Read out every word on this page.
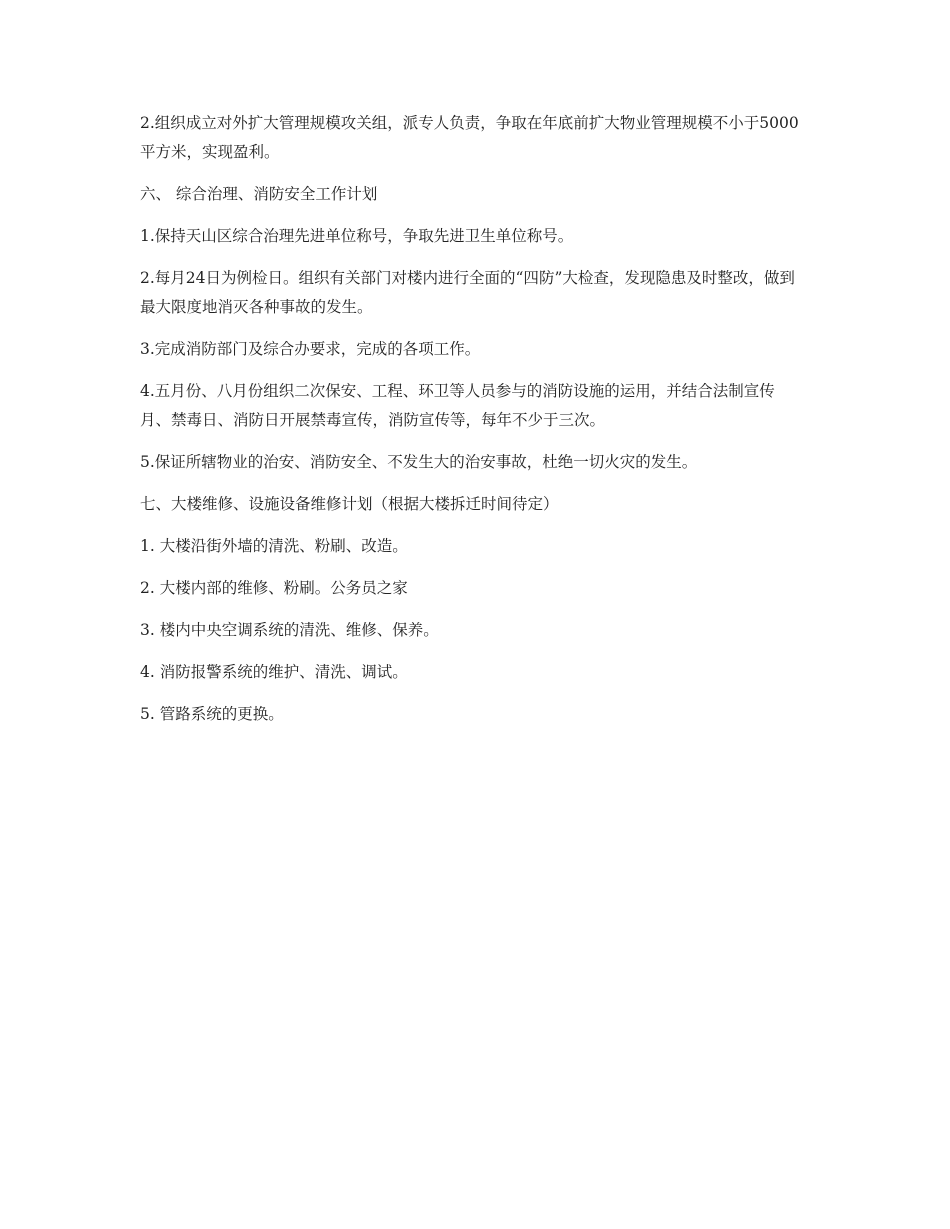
2.组织成立对外扩大管理规模攻关组，派专人负责，争取在年底前扩大物业管理规模不小于5000平方米，实现盈利。

六、 综合治理、消防安全工作计划

1.保持天山区综合治理先进单位称号，争取先进卫生单位称号。

2.每月24日为例检日。组织有关部门对楼内进行全面的“四防”大检查，发现隐患及时整改，做到最大限度地消灭各种事故的发生。

3.完成消防部门及综合办要求，完成的各项工作。

4.五月份、八月份组织二次保安、工程、环卫等人员参与的消防设施的运用，并结合法制宣传月、禁毒日、消防日开展禁毒宣传，消防宣传等，每年不少于三次。

5.保证所辖物业的治安、消防安全、不发生大的治安事故，杜绝一切火灾的发生。

七、大楼维修、设施设备维修计划（根据大楼拆迁时间待定）

1. 大楼沿街外墙的清洗、粉刷、改造。

2. 大楼内部的维修、粉刷。公务员之家

3. 楼内中央空调系统的清洗、维修、保养。

4. 消防报警系统的维护、清洗、调试。

5. 管路系统的更换。
